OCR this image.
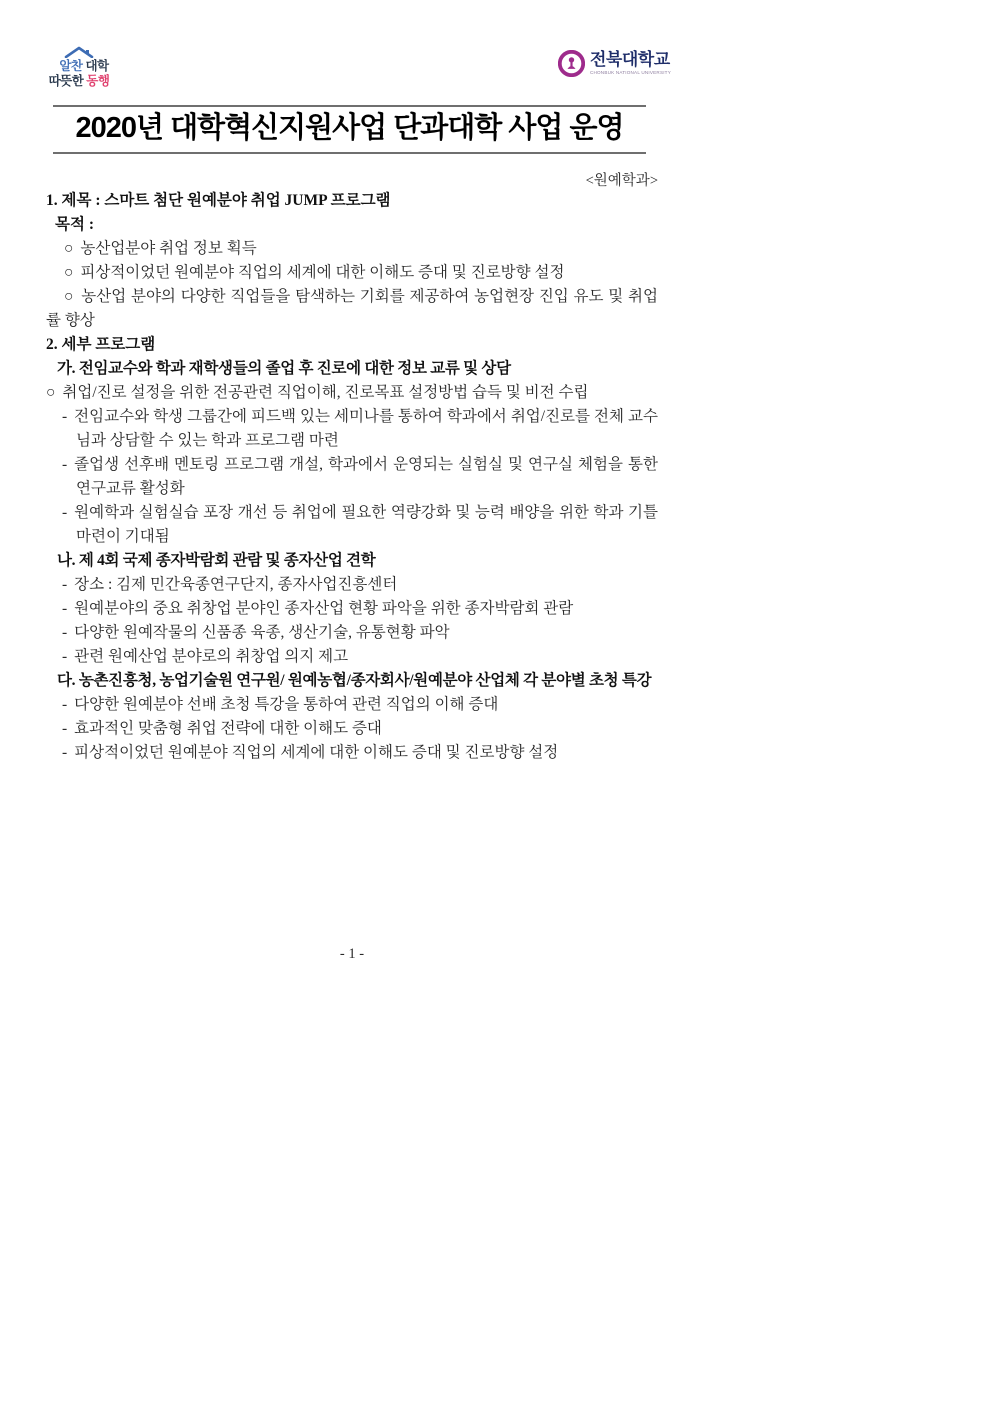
알찬 대학
따뜻한 동행
전북대학교
CHONBUK NATIONAL UNIVERSITY
2020년 대학혁신지원사업 단과대학 사업 운영
<원예학과>

1. 제목 : 스마트 첨단 원예분야 취업 JUMP 프로그램

목적 :

○ 농산업분야 취업 정보 획득

○ 피상적이었던 원예분야 직업의 세계에 대한 이해도 증대 및 진로방향 설정

○ 농산업 분야의 다양한 직업들을 탐색하는 기회를 제공하여 농업현장 진입 유도 및 취업률 향상

2. 세부 프로그램

가. 전임교수와 학과 재학생들의 졸업 후 진로에 대한 정보 교류 및 상담

○ 취업/진로 설정을 위한 전공관련 직업이해, 진로목표 설정방법 습득 및 비전 수립

- 전임교수와 학생 그룹간에 피드백 있는 세미나를 통하여 학과에서 취업/진로를 전체 교수님과 상담할 수 있는 학과 프로그램 마련

- 졸업생 선후배 멘토링 프로그램 개설, 학과에서 운영되는 실험실 및 연구실 체험을 통한 연구교류 활성화

- 원예학과 실험실습 포장 개선 등 취업에 필요한 역량강화 및 능력 배양을 위한 학과 기틀 마련이 기대됨

나. 제 4회 국제 종자박람회 관람 및 종자산업 견학

- 장소 : 김제 민간육종연구단지, 종자사업진흥센터

- 원예분야의 중요 취창업 분야인 종자산업 현황 파악을 위한 종자박람회 관람

- 다양한 원예작물의 신품종 육종, 생산기술, 유통현황 파악

- 관련 원예산업 분야로의 취창업 의지 제고

다. 농촌진흥청, 농업기술원 연구원/ 원예농협/종자회사/원예분야 산업체 각 분야별 초청 특강

- 다양한 원예분야 선배 초청 특강을 통하여 관련 직업의 이해 증대

- 효과적인 맞춤형 취업 전략에 대한 이해도 증대

- 피상적이었던 원예분야 직업의 세계에 대한 이해도 증대 및 진로방향 설정

- 1 -
